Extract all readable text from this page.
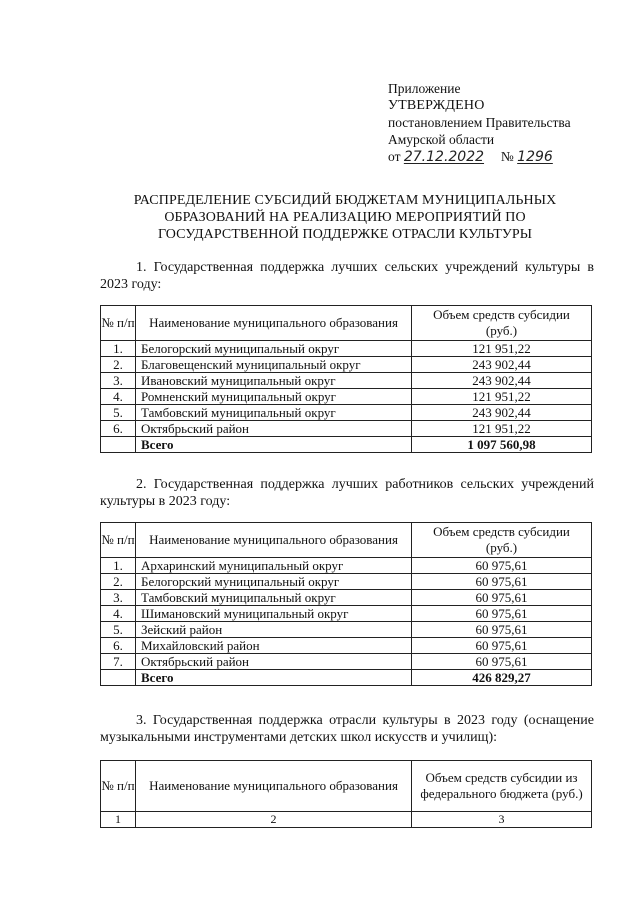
Приложение
УТВЕРЖДЕНО
постановлением Правительства
Амурской области
от 27.12.2022 № 1296
РАСПРЕДЕЛЕНИЕ СУБСИДИЙ БЮДЖЕТАМ МУНИЦИПАЛЬНЫХ
ОБРАЗОВАНИЙ НА РЕАЛИЗАЦИЮ МЕРОПРИЯТИЙ ПО
ГОСУДАРСТВЕННОЙ ПОДДЕРЖКЕ ОТРАСЛИ КУЛЬТУРЫ
1. Государственная поддержка лучших сельских учреждений культуры в 2023 году:
№ п/п	Наименование муниципального образования	Объем средств субсидии (руб.)
1.	Белогорский муниципальный округ	121 951,22
2.	Благовещенский муниципальный округ	243 902,44
3.	Ивановский муниципальный округ	243 902,44
4.	Ромненский муниципальный округ	121 951,22
5.	Тамбовский муниципальный округ	243 902,44
6.	Октябрьский район	121 951,22
	Всего	1 097 560,98
2. Государственная поддержка лучших работников сельских учреждений культуры в 2023 году:
№ п/п	Наименование муниципального образования	Объем средств субсидии (руб.)
1.	Архаринский муниципальный округ	60 975,61
2.	Белогорский муниципальный округ	60 975,61
3.	Тамбовский муниципальный округ	60 975,61
4.	Шимановский муниципальный округ	60 975,61
5.	Зейский район	60 975,61
6.	Михайловский район	60 975,61
7.	Октябрьский район	60 975,61
	Всего	426 829,27
3. Государственная поддержка отрасли культуры в 2023 году (оснащение музыкальными инструментами детских школ искусств и училищ):
№ п/п	Наименование муниципального образования	Объем средств субсидии из федерального бюджета (руб.)
1	2	3
